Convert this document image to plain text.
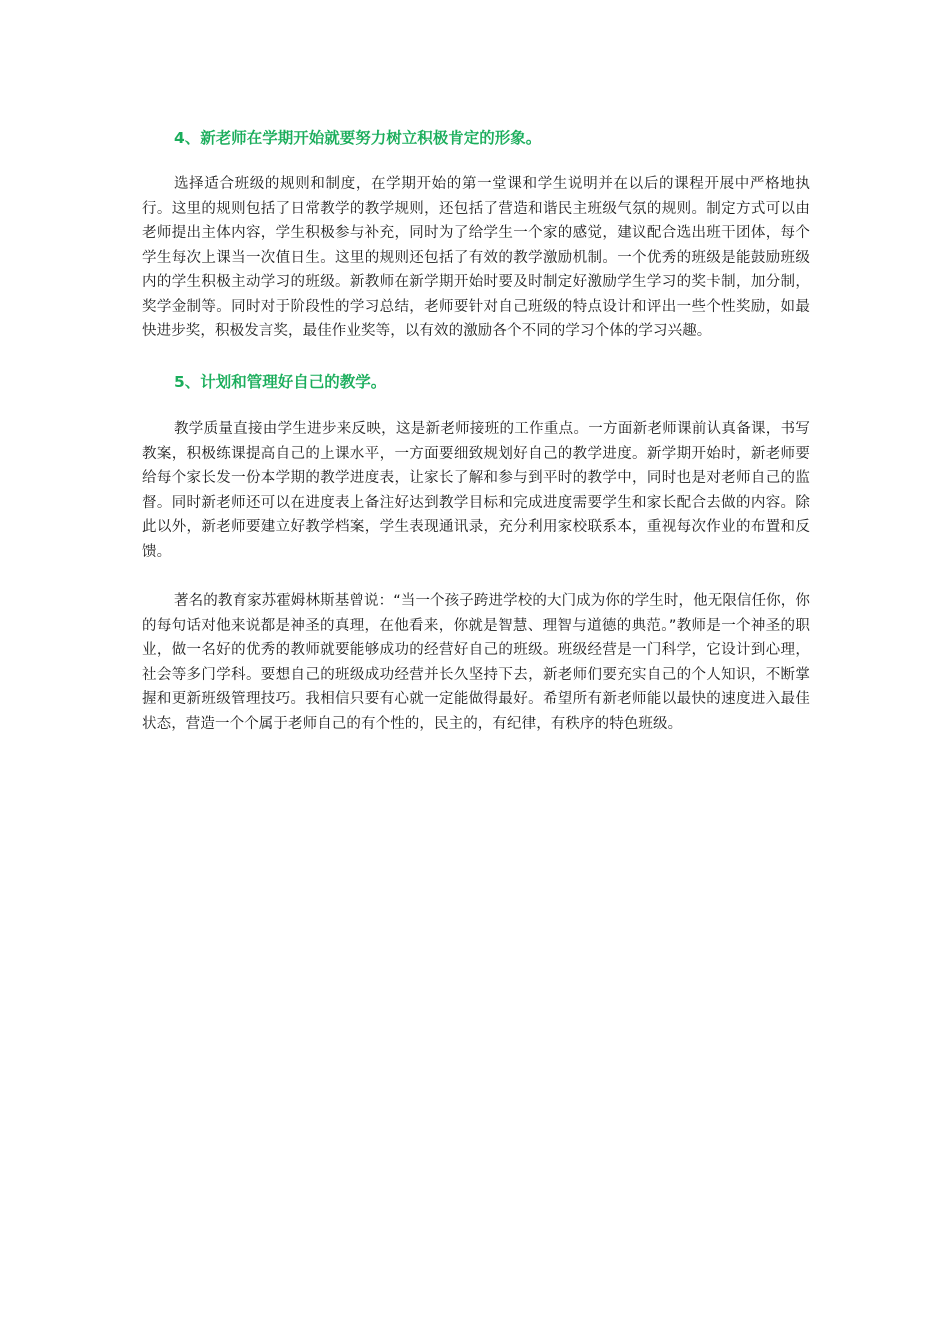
4、新老师在学期开始就要努力树立积极肯定的形象。

选择适合班级的规则和制度，在学期开始的第一堂课和学生说明并在以后的课程开展中严格地执行。这里的规则包括了日常教学的教学规则，还包括了营造和谐民主班级气氛的规则。制定方式可以由老师提出主体内容，学生积极参与补充，同时为了给学生一个家的感觉，建议配合选出班干团体，每个学生每次上课当一次值日生。这里的规则还包括了有效的教学激励机制。一个优秀的班级是能鼓励班级内的学生积极主动学习的班级。新教师在新学期开始时要及时制定好激励学生学习的奖卡制，加分制，奖学金制等。同时对于阶段性的学习总结，老师要针对自己班级的特点设计和评出一些个性奖励，如最快进步奖，积极发言奖，最佳作业奖等，以有效的激励各个不同的学习个体的学习兴趣。

5、计划和管理好自己的教学。

教学质量直接由学生进步来反映，这是新老师接班的工作重点。一方面新老师课前认真备课，书写教案，积极练课提高自己的上课水平，一方面要细致规划好自己的教学进度。新学期开始时，新老师要给每个家长发一份本学期的教学进度表，让家长了解和参与到平时的教学中，同时也是对老师自己的监督。同时新老师还可以在进度表上备注好达到教学目标和完成进度需要学生和家长配合去做的内容。除此以外，新老师要建立好教学档案，学生表现通讯录，充分利用家校联系本，重视每次作业的布置和反馈。

著名的教育家苏霍姆林斯基曾说：“当一个孩子跨进学校的大门成为你的学生时，他无限信任你，你的每句话对他来说都是神圣的真理，在他看来，你就是智慧、理智与道德的典范。”教师是一个神圣的职业，做一名好的优秀的教师就要能够成功的经营好自己的班级。班级经营是一门科学，它设计到心理，社会等多门学科。要想自己的班级成功经营并长久坚持下去，新老师们要充实自己的个人知识，不断掌握和更新班级管理技巧。我相信只要有心就一定能做得最好。希望所有新老师能以最快的速度进入最佳状态，营造一个个属于老师自己的有个性的，民主的，有纪律，有秩序的特色班级。
